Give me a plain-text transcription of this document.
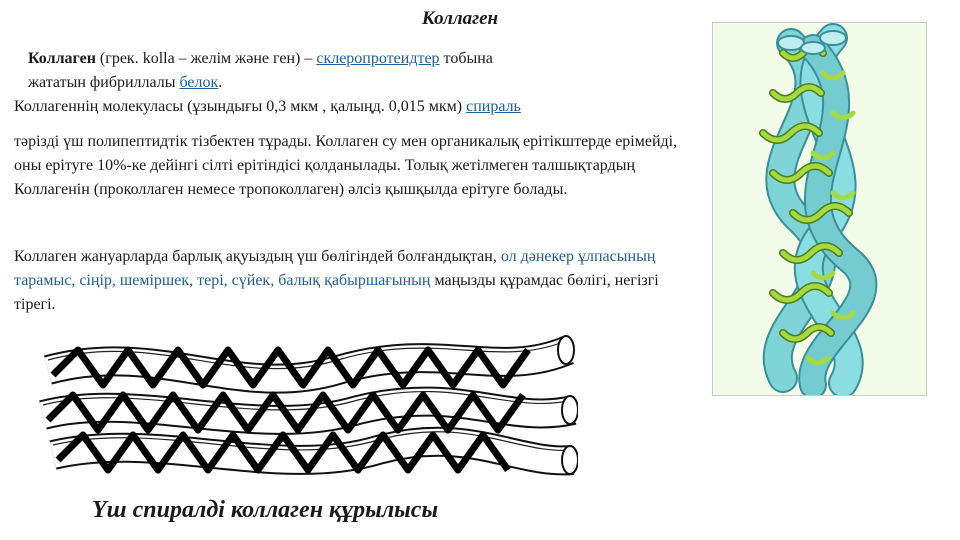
Коллаген
Коллаген (грек. kolla – желім және ген) – склеропротеидтер тобына
жататын фибриллалы белок.
Коллагеннің молекуласы (ұзындығы 0,3 мкм , қалыңд. 0,015 мкм) спираль
тәрізді үш полипептидтік тізбектен тұрады. Коллаген су мен органикалық ерітікштерде ерімейді, оны ерітуге 10%-ке дейінгі сілті ерітіндісі қолданылады. Толық жетілмеген талшықтардың Коллагенін (проколлаген немесе тропоколлаген) әлсіз қышқылда ерітуге болады.
Коллаген жануарларда барлық ақуыздың үш бөлігіндей болғандықтан, ол дәнекер ұлпасының тарамыс, сіңір, шеміршек, тері, сүйек, балық қабыршағының маңызды құрамдас бөлігі, негізгі тірегі.
Үш спиралді коллаген құрылысы
